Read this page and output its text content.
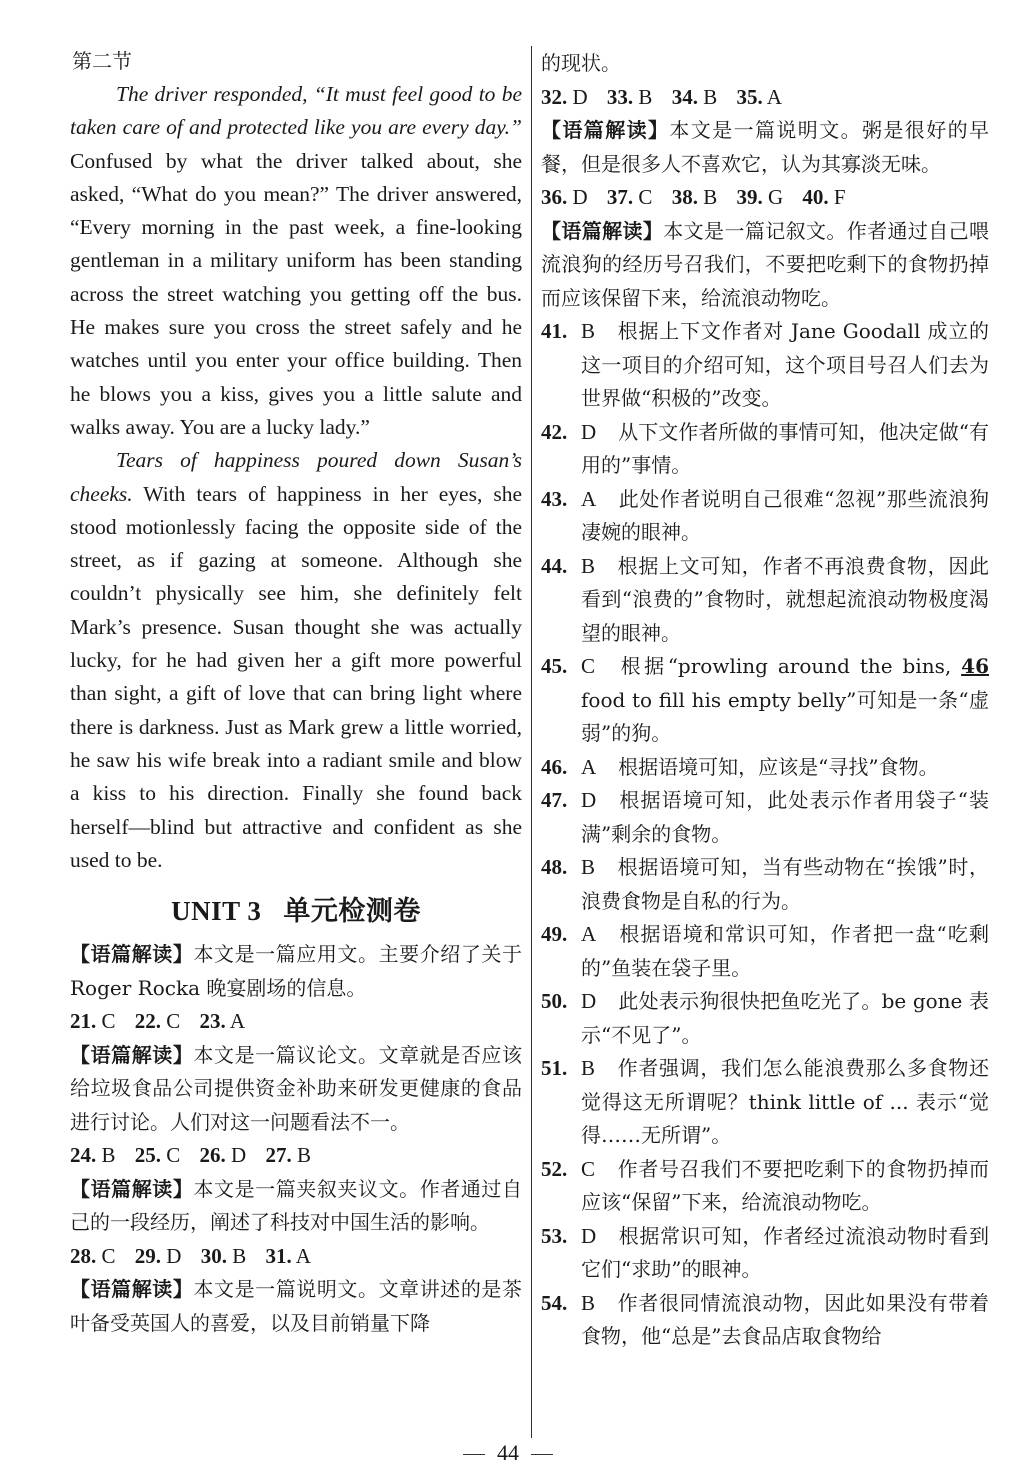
第二节

The driver responded, “It must feel good to be taken care of and protected like you are every day.” Confused by what the driver talked about, she asked, “What do you mean?” The driver answered, “Every morning in the past week, a fine-looking gentleman in a military uniform has been standing across the street watching you getting off the bus. He makes sure you cross the street safely and he watches until you enter your office building. Then he blows you a kiss, gives you a little salute and walks away. You are a lucky lady.”

Tears of happiness poured down Susan’s cheeks. With tears of happiness in her eyes, she stood motionlessly facing the opposite side of the street, as if gazing at someone. Although she couldn’t physically see him, she definitely felt Mark’s presence. Susan thought she was actually lucky, for he had given her a gift more powerful than sight, a gift of love that can bring light where there is darkness. Just as Mark grew a little worried, he saw his wife break into a radiant smile and blow a kiss to his direction. Finally she found back herself—blind but attractive and confident as she used to be.

UNIT 3 单元检测卷

【语篇解读】本文是一篇应用文。主要介绍了关于 Roger Rocka 晚宴剧场的信息。

21. C 22. C 23. A

【语篇解读】本文是一篇议论文。文章就是否应该给垃圾食品公司提供资金补助来研发更健康的食品进行讨论。人们对这一问题看法不一。

24. B 25. C 26. D 27. B

【语篇解读】本文是一篇夹叙夹议文。作者通过自己的一段经历，阐述了科技对中国生活的影响。

28. C 29. D 30. B 31. A

【语篇解读】本文是一篇说明文。文章讲述的是茶叶备受英国人的喜爱，以及目前销量下降

的现状。

32. D 33. B 34. B 35. A

【语篇解读】本文是一篇说明文。粥是很好的早餐，但是很多人不喜欢它，认为其寡淡无味。

36. D 37. C 38. B 39. G 40. F

【语篇解读】本文是一篇记叙文。作者通过自己喂流浪狗的经历号召我们，不要把吃剩下的食物扔掉而应该保留下来，给流浪动物吃。

41. B 根据上下文作者对 Jane Goodall 成立的这一项目的介绍可知，这个项目号召人们去为世界做“积极的”改变。
42. D 从下文作者所做的事情可知，他决定做“有用的”事情。
43. A 此处作者说明自己很难“忽视”那些流浪狗凄婉的眼神。
44. B 根据上文可知，作者不再浪费食物，因此看到“浪费的”食物时，就想起流浪动物极度渴望的眼神。
45. C 根据“prowling around the bins, 46 food to fill his empty belly”可知是一条“虚弱”的狗。
46. A 根据语境可知，应该是“寻找”食物。
47. D 根据语境可知，此处表示作者用袋子“装满”剩余的食物。
48. B 根据语境可知，当有些动物在“挨饿”时，浪费食物是自私的行为。
49. A 根据语境和常识可知，作者把一盘“吃剩的”鱼装在袋子里。
50. D 此处表示狗很快把鱼吃光了。be gone 表示“不见了”。
51. B 作者强调，我们怎么能浪费那么多食物还觉得这无所谓呢？think little of ... 表示“觉得……无所谓”。
52. C 作者号召我们不要把吃剩下的食物扔掉而应该“保留”下来，给流浪动物吃。
53. D 根据常识可知，作者经过流浪动物时看到它们“求助”的眼神。
54. B 作者很同情流浪动物，因此如果没有带着食物，他“总是”去食品店取食物给
44
